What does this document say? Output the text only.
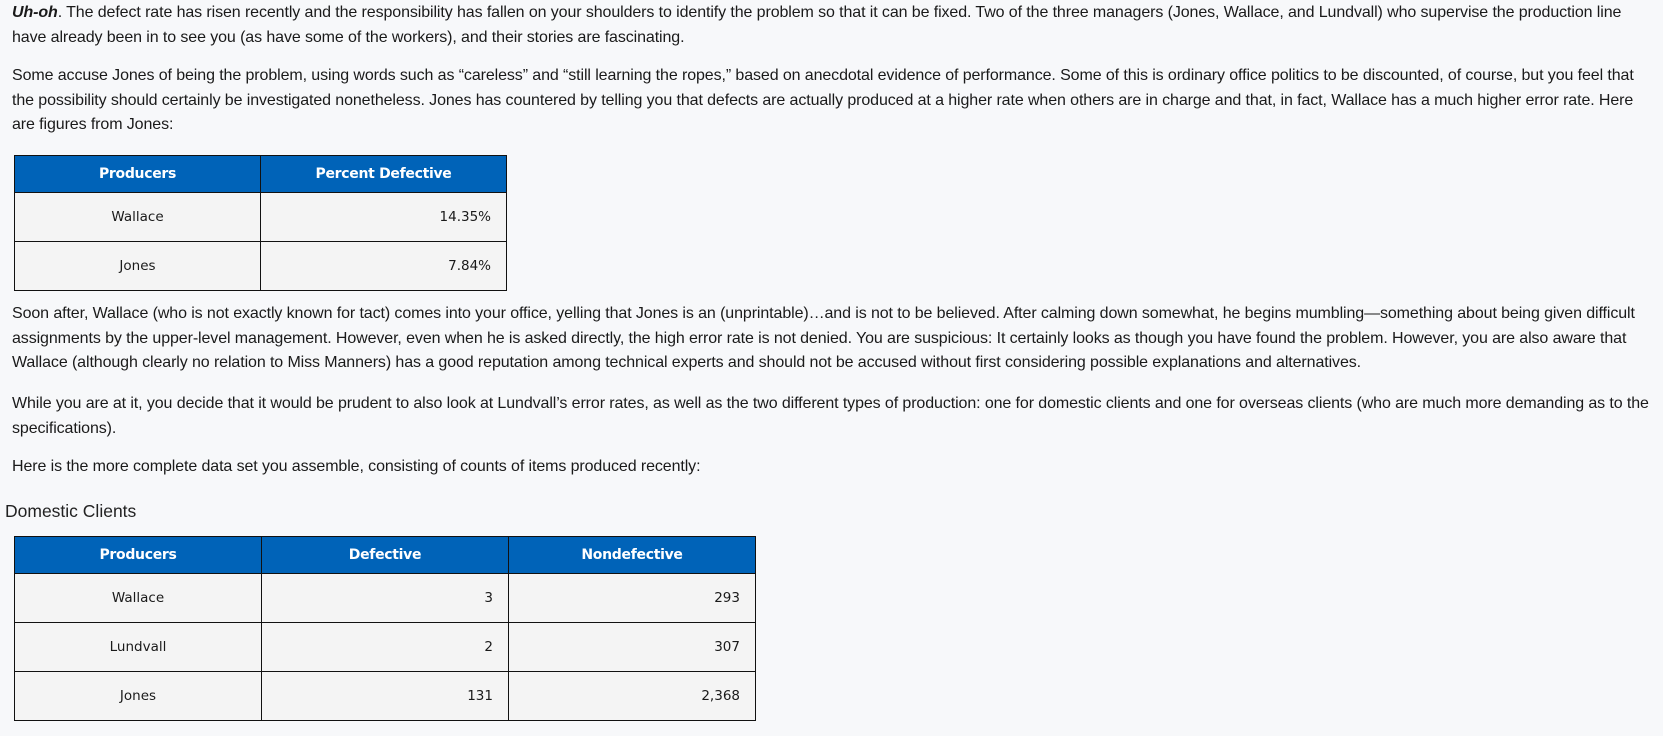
Uh-oh. The defect rate has risen recently and the responsibility has fallen on your shoulders to identify the problem so that it can be fixed. Two of the three managers (Jones, Wallace, and Lundvall) who supervise the production line have already been in to see you (as have some of the workers), and their stories are fascinating.

Some accuse Jones of being the problem, using words such as “careless” and “still learning the ropes,” based on anecdotal evidence of performance. Some of this is ordinary office politics to be discounted, of course, but you feel that the possibility should certainly be investigated nonetheless. Jones has countered by telling you that defects are actually produced at a higher rate when others are in charge and that, in fact, Wallace has a much higher error rate. Here are figures from Jones:

Producers	Percent Defective
Wallace	14.35%
Jones	7.84%

Soon after, Wallace (who is not exactly known for tact) comes into your office, yelling that Jones is an (unprintable)…and is not to be believed. After calming down somewhat, he begins mumbling—something about being given difficult assignments by the upper-level management. However, even when he is asked directly, the high error rate is not denied. You are suspicious: It certainly looks as though you have found the problem. However, you are also aware that Wallace (although clearly no relation to Miss Manners) has a good reputation among technical experts and should not be accused without first considering possible explanations and alternatives.

While you are at it, you decide that it would be prudent to also look at Lundvall’s error rates, as well as the two different types of production: one for domestic clients and one for overseas clients (who are much more demanding as to the specifications).

Here is the more complete data set you assemble, consisting of counts of items produced recently:

Domestic Clients
Producers	Defective	Nondefective
Wallace	3	293
Lundvall	2	307
Jones	131	2,368
